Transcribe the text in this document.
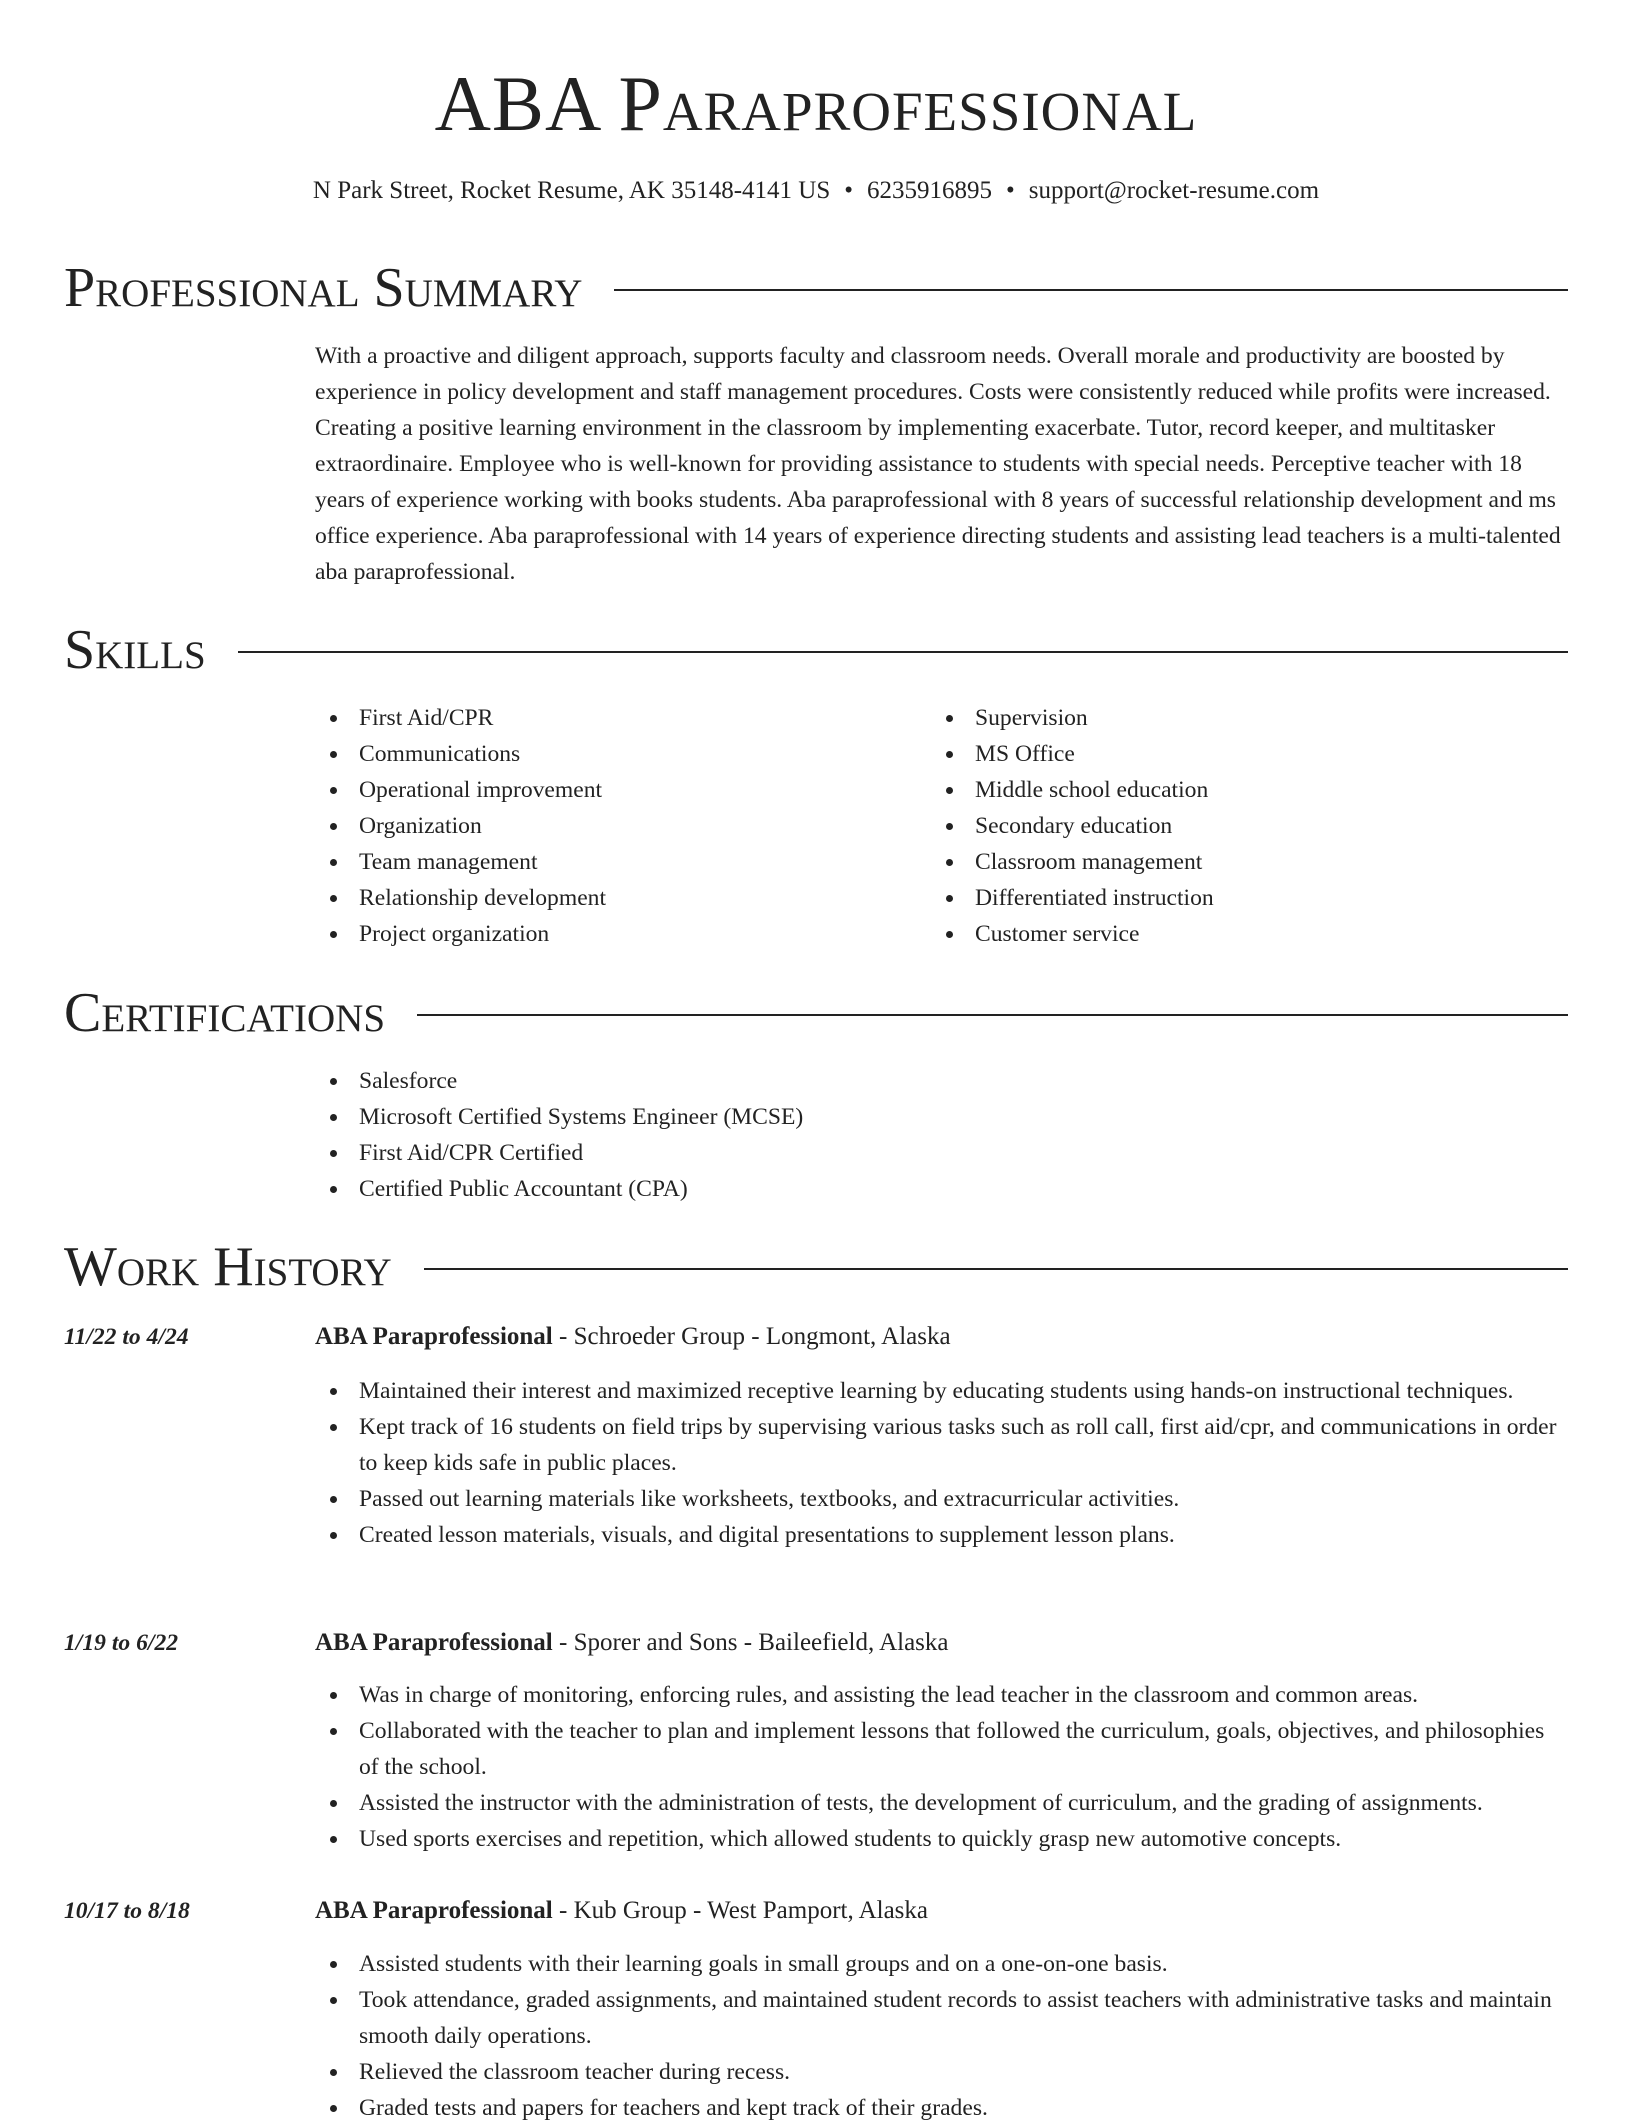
ABA Paraprofessional
N Park Street, Rocket Resume, AK 35148-4141 US • 6235916895 • support@rocket-resume.com
Professional Summary
With a proactive and diligent approach, supports faculty and classroom needs. Overall morale and productivity are boosted by experience in policy development and staff management procedures. Costs were consistently reduced while profits were increased. Creating a positive learning environment in the classroom by implementing exacerbate. Tutor, record keeper, and multitasker extraordinaire. Employee who is well-known for providing assistance to students with special needs. Perceptive teacher with 18 years of experience working with books students. Aba paraprofessional with 8 years of successful relationship development and ms office experience. Aba paraprofessional with 14 years of experience directing students and assisting lead teachers is a multi-talented aba paraprofessional.
Skills
First Aid/CPR
Communications
Operational improvement
Organization
Team management
Relationship development
Project organization
Supervision
MS Office
Middle school education
Secondary education
Classroom management
Differentiated instruction
Customer service
Certifications
Salesforce
Microsoft Certified Systems Engineer (MCSE)
First Aid/CPR Certified
Certified Public Accountant (CPA)
Work History
11/22 to 4/24	ABA Paraprofessional - Schroeder Group - Longmont, Alaska
Maintained their interest and maximized receptive learning by educating students using hands-on instructional techniques.
Kept track of 16 students on field trips by supervising various tasks such as roll call, first aid/cpr, and communications in order to keep kids safe in public places.
Passed out learning materials like worksheets, textbooks, and extracurricular activities.
Created lesson materials, visuals, and digital presentations to supplement lesson plans.
1/19 to 6/22	ABA Paraprofessional - Sporer and Sons - Baileefield, Alaska
Was in charge of monitoring, enforcing rules, and assisting the lead teacher in the classroom and common areas.
Collaborated with the teacher to plan and implement lessons that followed the curriculum, goals, objectives, and philosophies of the school.
Assisted the instructor with the administration of tests, the development of curriculum, and the grading of assignments.
Used sports exercises and repetition, which allowed students to quickly grasp new automotive concepts.
10/17 to 8/18	ABA Paraprofessional - Kub Group - West Pamport, Alaska
Assisted students with their learning goals in small groups and on a one-on-one basis.
Took attendance, graded assignments, and maintained student records to assist teachers with administrative tasks and maintain smooth daily operations.
Relieved the classroom teacher during recess.
Graded tests and papers for teachers and kept track of their grades.
